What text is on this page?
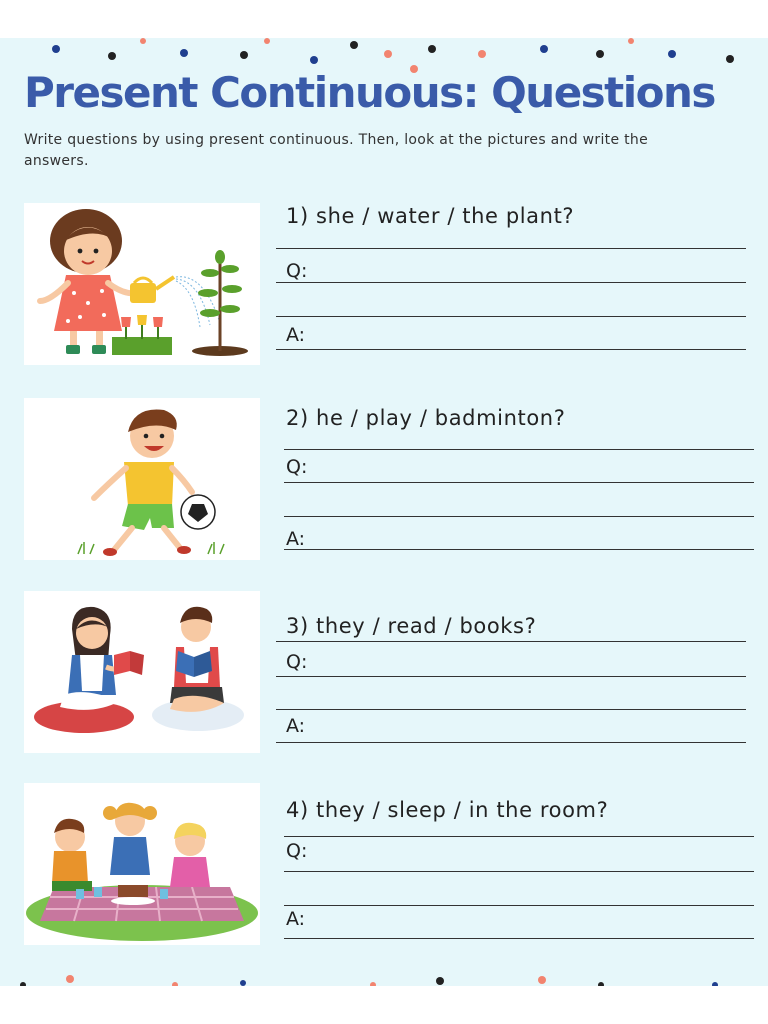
Present Continuous: Questions

Write questions by using present continuous. Then, look at the pictures and write the answers.

1) she / water / the plant?
Q:
A:
2) he / play / badminton?
Q:
A:
3) they / read / books?
Q:
A:
4) they / sleep / in the room?
Q:
A:
